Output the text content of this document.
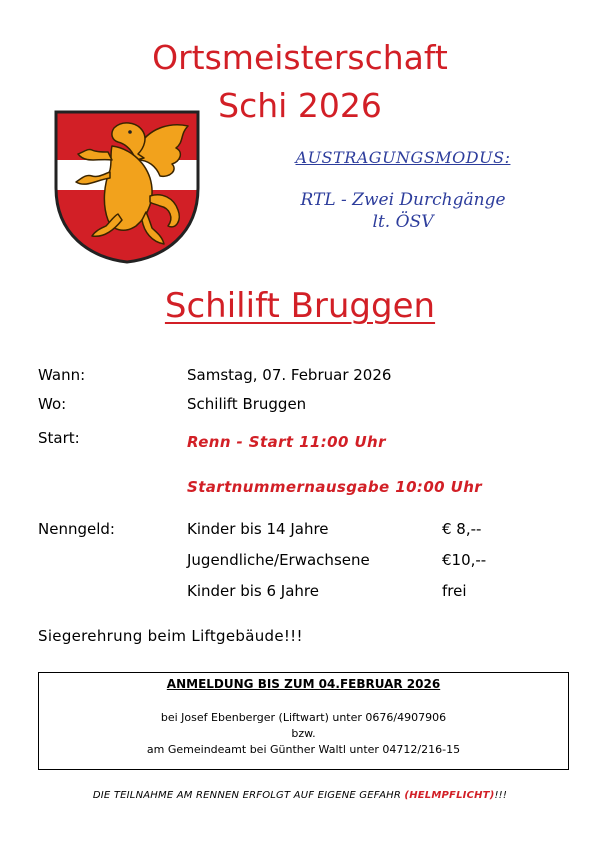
Ortsmeisterschaft
Schi 2026
AUSTRAGUNGSMODUS:
RTL - Zwei Durchgänge
lt. ÖSV
Schilift Bruggen
Wann:	Samstag, 07. Februar 2026
Wo:	Schilift Bruggen
Start:	Renn - Start 11:00 Uhr
Startnummernausgabe 10:00 Uhr
Nenngeld:	Kinder bis 14 Jahre	€ 8,--
Jugendliche/Erwachsene	€10,--
Kinder bis 6 Jahre	frei
Siegerehrung beim Liftgebäude!!!
ANMELDUNG BIS ZUM 04.FEBRUAR 2026
bei Josef Ebenberger (Liftwart) unter 0676/4907906
bzw.
am Gemeindeamt bei Günther Waltl unter 04712/216-15
DIE TEILNAHME AM RENNEN ERFOLGT AUF EIGENE GEFAHR (HELMPFLICHT)!!!
